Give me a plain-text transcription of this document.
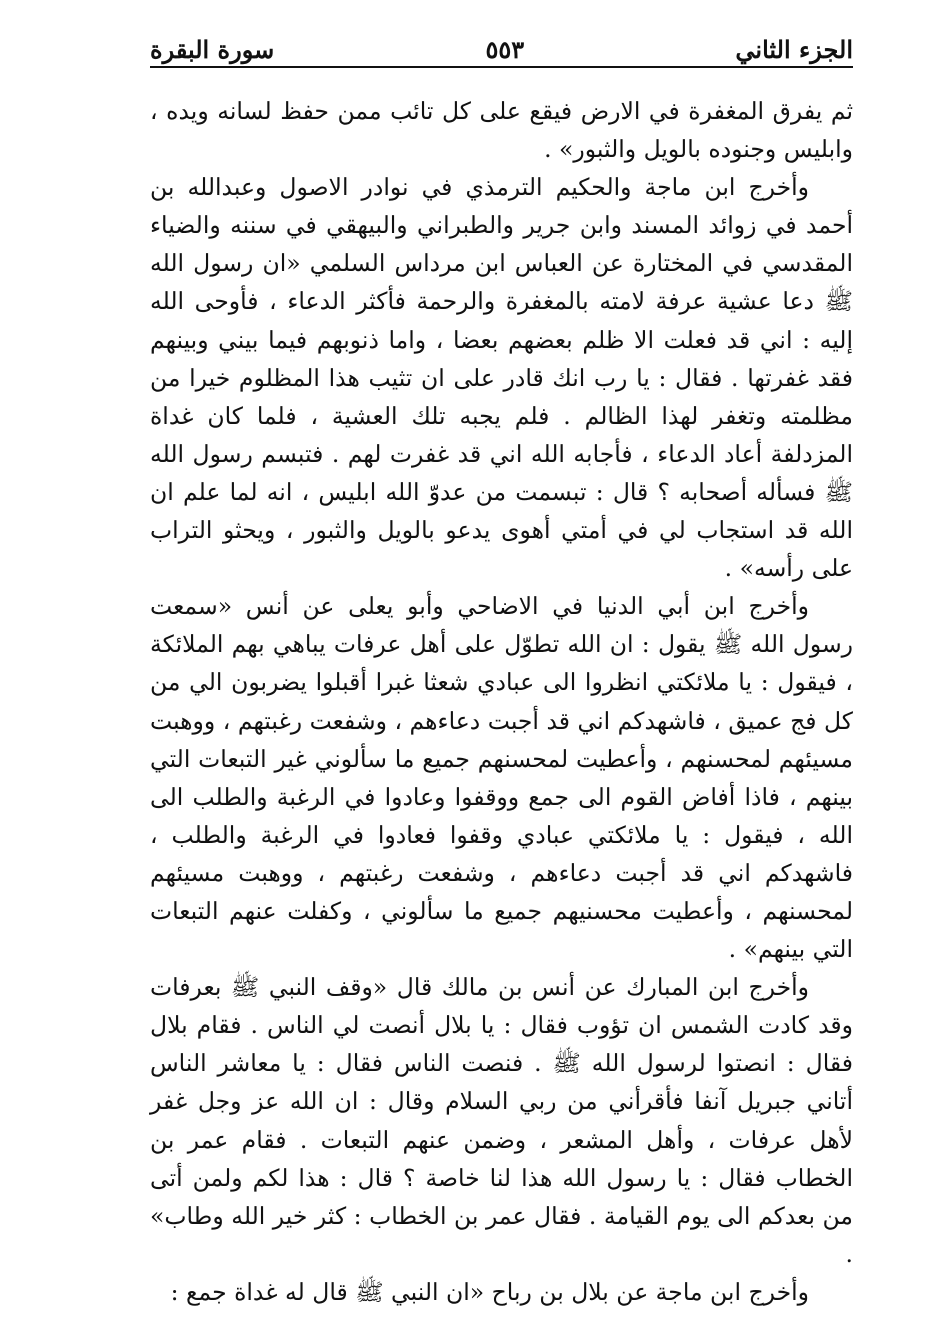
الجزء الثاني
٥٥٣
سورة البقرة

ثم يفرق المغفرة في الارض فيقع على كل تائب ممن حفظ لسانه ويده ، وابليس وجنوده بالويل والثبور» .

وأخرج ابن ماجة والحكيم الترمذي في نوادر الاصول وعبدالله بن أحمد في زوائد المسند وابن جرير والطبراني والبيهقي في سننه والضياء المقدسي في المختارة عن العباس ابن مرداس السلمي «ان رسول الله ﷺ دعا عشية عرفة لامته بالمغفرة والرحمة فأكثر الدعاء ، فأوحى الله إليه : اني قد فعلت الا ظلم بعضهم بعضا ، واما ذنوبهم فيما بيني وبينهم فقد غفرتها . فقال : يا رب انك قادر على ان تثيب هذا المظلوم خيرا من مظلمته وتغفر لهذا الظالم . فلم يجبه تلك العشية ، فلما كان غداة المزدلفة أعاد الدعاء ، فأجابه الله اني قد غفرت لهم . فتبسم رسول الله ﷺ فسأله أصحابه ؟ قال : تبسمت من عدوّ الله ابليس ، انه لما علم ان الله قد استجاب لي في أمتي أهوى يدعو بالويل والثبور ، ويحثو التراب على رأسه» .

وأخرج ابن أبي الدنيا في الاضاحي وأبو يعلى عن أنس «سمعت رسول الله ﷺ يقول : ان الله تطوّل على أهل عرفات يباهي بهم الملائكة ، فيقول : يا ملائكتي انظروا الى عبادي شعثا غبرا أقبلوا يضربون الي من كل فج عميق ، فاشهدكم اني قد أجبت دعاءهم ، وشفعت رغبتهم ، ووهبت مسيئهم لمحسنهم ، وأعطيت لمحسنهم جميع ما سألوني غير التبعات التي بينهم ، فاذا أفاض القوم الى جمع ووقفوا وعادوا في الرغبة والطلب الى الله ، فيقول : يا ملائكتي عبادي وقفوا فعادوا في الرغبة والطلب ، فاشهدكم اني قد أجبت دعاءهم ، وشفعت رغبتهم ، ووهبت مسيئهم لمحسنهم ، وأعطيت محسنيهم جميع ما سألوني ، وكفلت عنهم التبعات التي بينهم» .

وأخرج ابن المبارك عن أنس بن مالك قال «وقف النبي ﷺ بعرفات وقد كادت الشمس ان تؤوب فقال : يا بلال أنصت لي الناس . فقام بلال فقال : انصتوا لرسول الله ﷺ . فنصت الناس فقال : يا معاشر الناس أتاني جبريل آنفا فأقرأني من ربي السلام وقال : ان الله عز وجل غفر لأهل عرفات ، وأهل المشعر ، وضمن عنهم التبعات . فقام عمر بن الخطاب فقال : يا رسول الله هذا لنا خاصة ؟ قال : هذا لكم ولمن أتى من بعدكم الى يوم القيامة . فقال عمر بن الخطاب : كثر خير الله وطاب» .

وأخرج ابن ماجة عن بلال بن رباح «ان النبي ﷺ قال له غداة جمع :
